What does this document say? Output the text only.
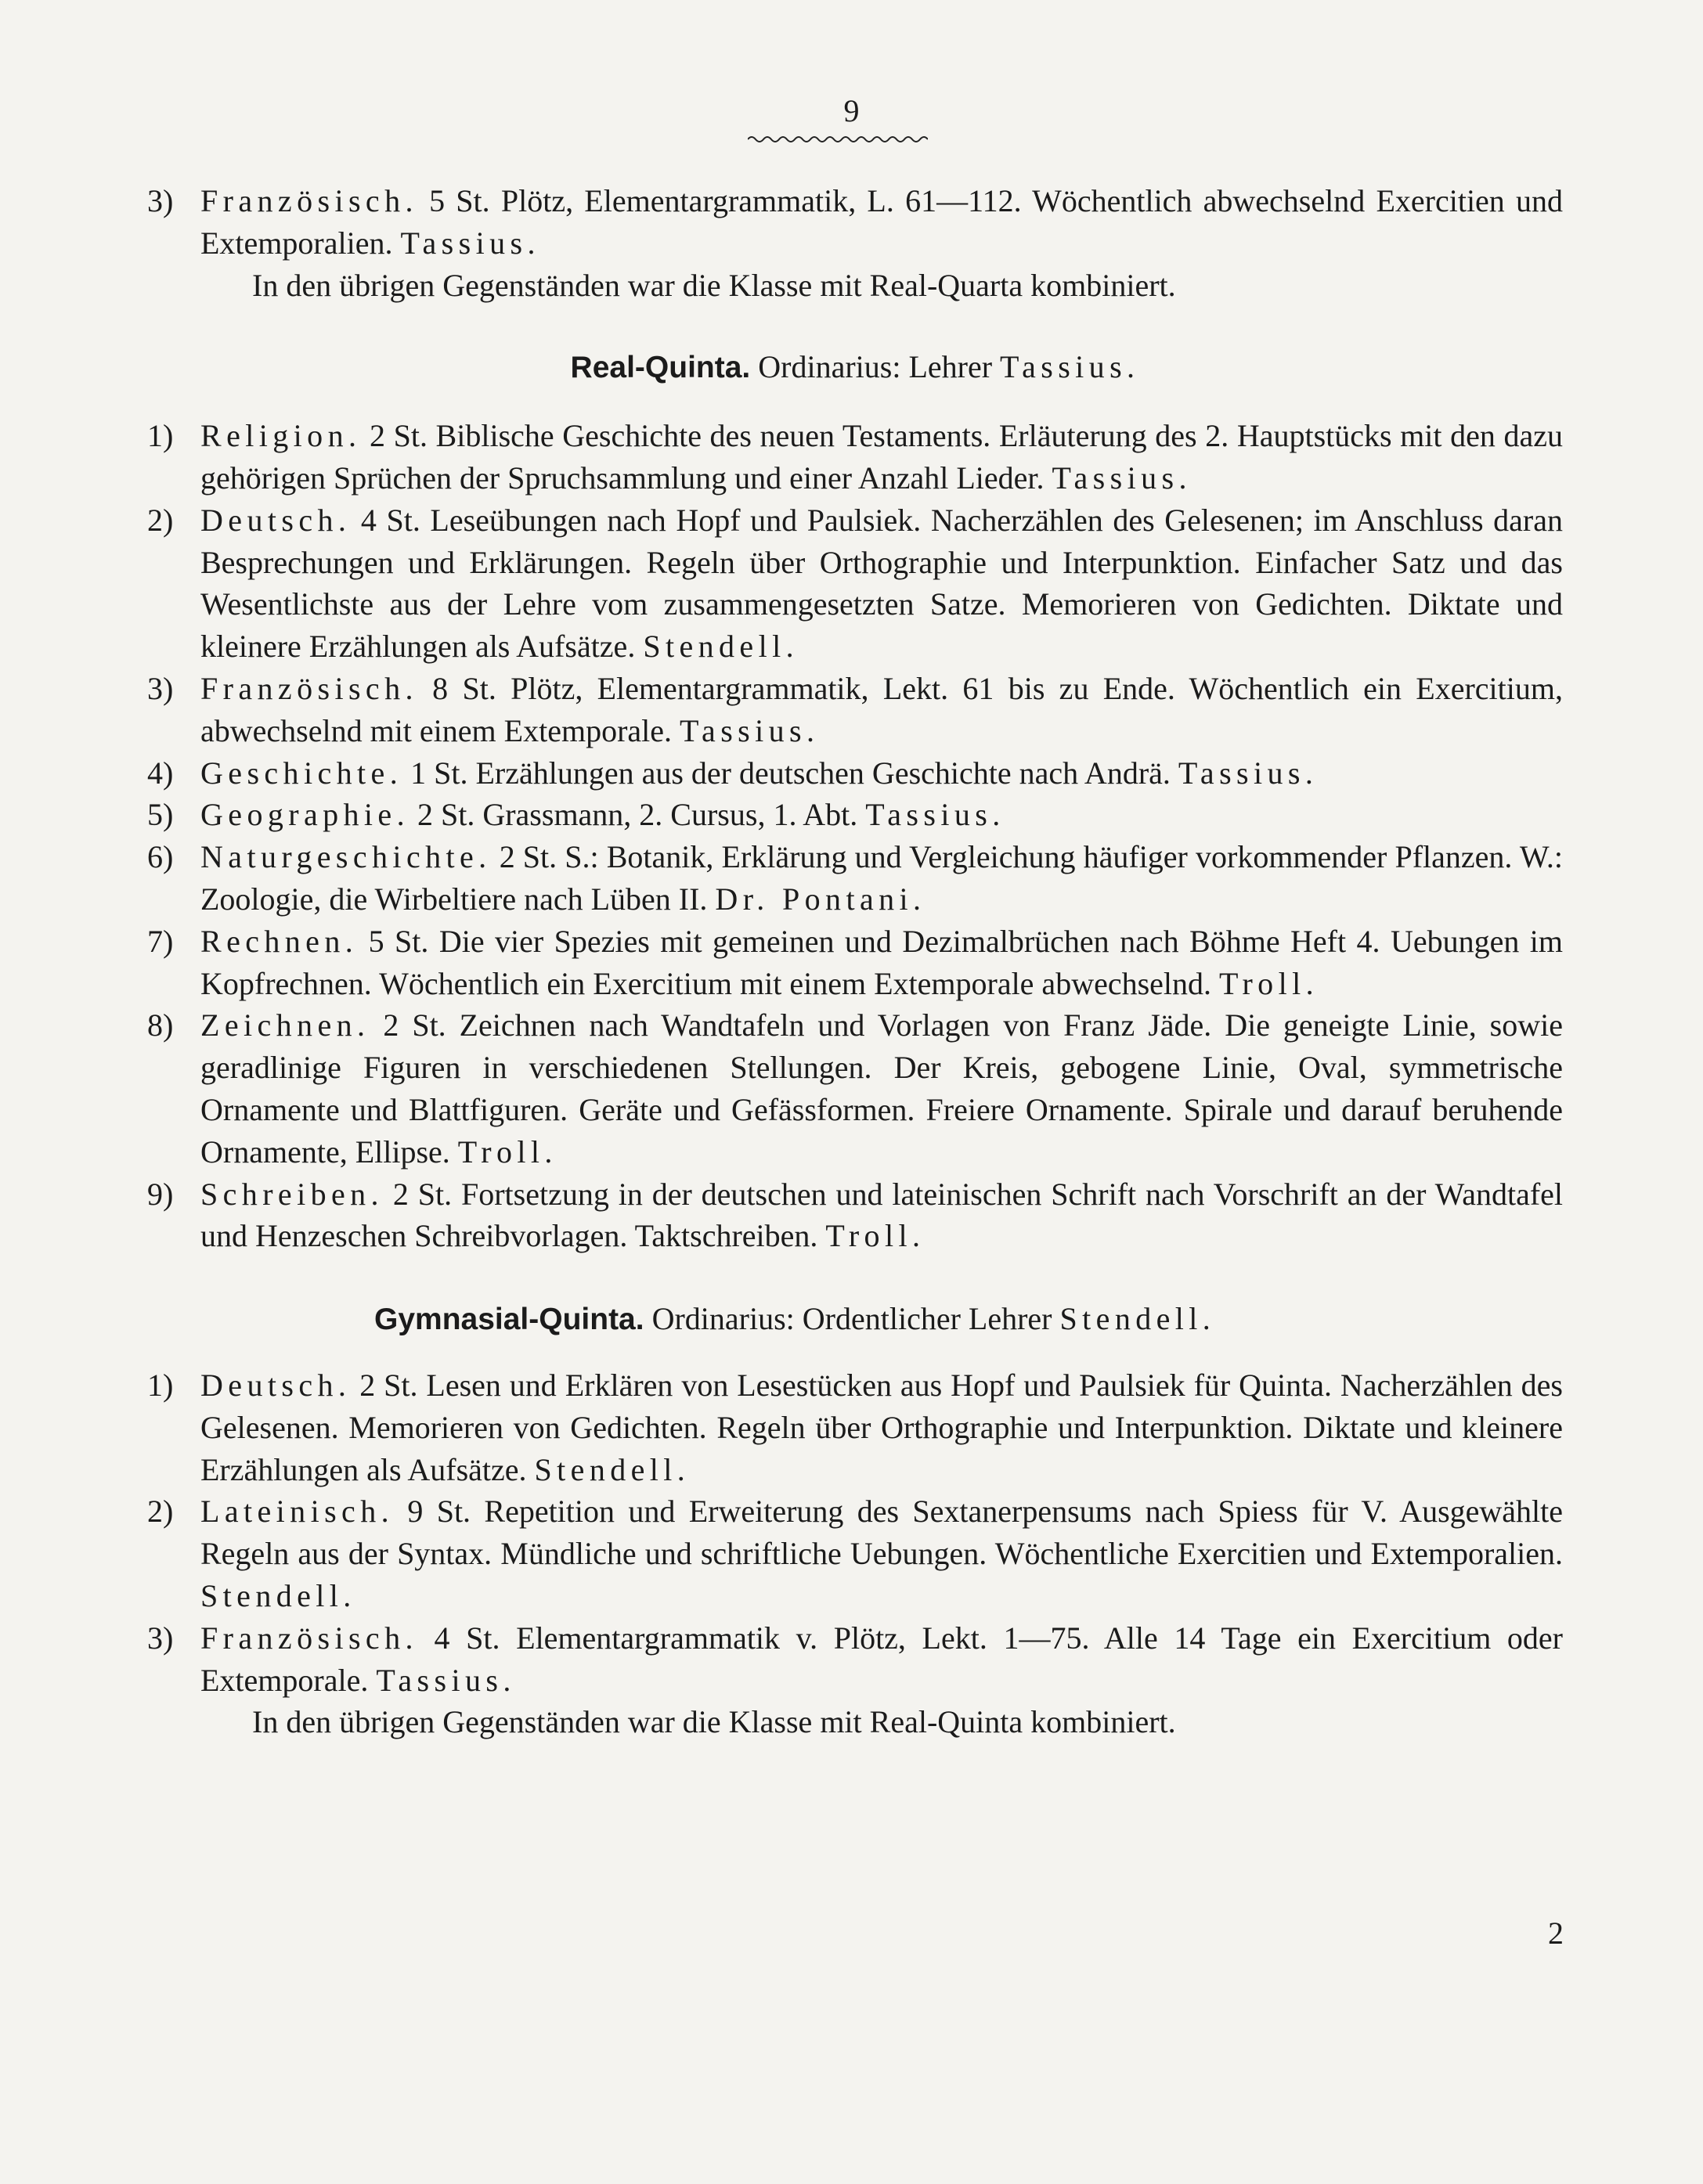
9
3) Französisch. 5 St. Plötz, Elementargrammatik, L. 61—112. Wöchentlich abwechselnd Exercitien und Extemporalien. Tassius.
In den übrigen Gegenständen war die Klasse mit Real-Quarta kombiniert.
Real-Quinta. Ordinarius: Lehrer Tassius.
1) Religion. 2 St. Biblische Geschichte des neuen Testaments. Erläuterung des 2. Hauptstücks mit den dazu gehörigen Sprüchen der Spruchsammlung und einer Anzahl Lieder. Tassius.
2) Deutsch. 4 St. Leseübungen nach Hopf und Paulsiek. Nacherzählen des Gelesenen; im Anschluss daran Besprechungen und Erklärungen. Regeln über Orthographie und Interpunktion. Einfacher Satz und das Wesentlichste aus der Lehre vom zusammengesetzten Satze. Memorieren von Gedichten. Diktate und kleinere Erzählungen als Aufsätze. Stendell.
3) Französisch. 8 St. Plötz, Elementargrammatik, Lekt. 61 bis zu Ende. Wöchentlich ein Exercitium, abwechselnd mit einem Extemporale. Tassius.
4) Geschichte. 1 St. Erzählungen aus der deutschen Geschichte nach Andrä. Tassius.
5) Geographie. 2 St. Grassmann, 2. Cursus, 1. Abt. Tassius.
6) Naturgeschichte. 2 St. S.: Botanik, Erklärung und Vergleichung häufiger vorkommender Pflanzen. W.: Zoologie, die Wirbeltiere nach Lüben II. Dr. Pontani.
7) Rechnen. 5 St. Die vier Spezies mit gemeinen und Dezimalbrüchen nach Böhme Heft 4. Uebungen im Kopfrechnen. Wöchentlich ein Exercitium mit einem Extemporale abwechselnd. Troll.
8) Zeichnen. 2 St. Zeichnen nach Wandtafeln und Vorlagen von Franz Jäde. Die geneigte Linie, sowie geradlinige Figuren in verschiedenen Stellungen. Der Kreis, gebogene Linie, Oval, symmetrische Ornamente und Blattfiguren. Geräte und Gefässformen. Freiere Ornamente. Spirale und darauf beruhende Ornamente, Ellipse. Troll.
9) Schreiben. 2 St. Fortsetzung in der deutschen und lateinischen Schrift nach Vorschrift an der Wandtafel und Henzeschen Schreibvorlagen. Taktschreiben. Troll.
Gymnasial-Quinta. Ordinarius: Ordentlicher Lehrer Stendell.
1) Deutsch. 2 St. Lesen und Erklären von Lesestücken aus Hopf und Paulsiek für Quinta. Nacherzählen des Gelesenen. Memorieren von Gedichten. Regeln über Orthographie und Interpunktion. Diktate und kleinere Erzählungen als Aufsätze. Stendell.
2) Lateinisch. 9 St. Repetition und Erweiterung des Sextanerpensums nach Spiess für V. Ausgewählte Regeln aus der Syntax. Mündliche und schriftliche Uebungen. Wöchentliche Exercitien und Extemporalien. Stendell.
3) Französisch. 4 St. Elementargrammatik v. Plötz, Lekt. 1—75. Alle 14 Tage ein Exercitium oder Extemporale. Tassius.
In den übrigen Gegenständen war die Klasse mit Real-Quinta kombiniert.
2
